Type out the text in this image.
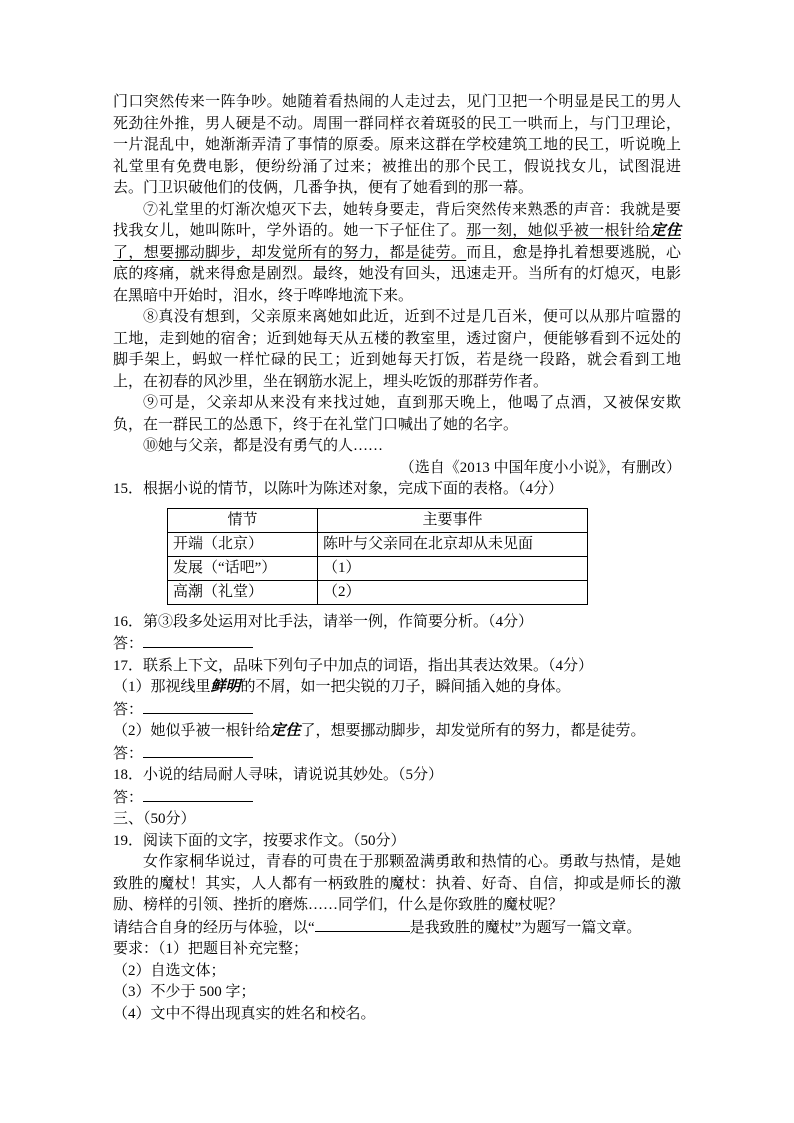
门口突然传来一阵争吵。她随着看热闹的人走过去，见门卫把一个明显是民工的男人死劲往外推，男人硬是不动。周围一群同样衣着斑驳的民工一哄而上，与门卫理论，一片混乱中，她渐渐弄清了事情的原委。原来这群在学校建筑工地的民工，听说晚上礼堂里有免费电影，便纷纷涌了过来；被推出的那个民工，假说找女儿，试图混进去。门卫识破他们的伎俩，几番争执，便有了她看到的那一幕。

⑦礼堂里的灯渐次熄灭下去，她转身要走，背后突然传来熟悉的声音：我就是要找我女儿，她叫陈叶，学外语的。她一下子怔住了。那一刻，她似乎被一根针给定住了，想要挪动脚步，却发觉所有的努力，都是徒劳。而且，愈是挣扎着想要逃脱，心底的疼痛，就来得愈是剧烈。最终，她没有回头，迅速走开。当所有的灯熄灭，电影在黑暗中开始时，泪水，终于哗哗地流下来。

⑧真没有想到，父亲原来离她如此近，近到不过是几百米，便可以从那片喧嚣的工地，走到她的宿舍；近到她每天从五楼的教室里，透过窗户，便能够看到不远处的脚手架上，蚂蚁一样忙碌的民工；近到她每天打饭，若是绕一段路，就会看到工地上，在初春的风沙里，坐在钢筋水泥上，埋头吃饭的那群劳作者。

⑨可是，父亲却从来没有来找过她，直到那天晚上，他喝了点酒，又被保安欺负，在一群民工的怂恿下，终于在礼堂门口喊出了她的名字。

⑩她与父亲，都是没有勇气的人……

（选自《2013 中国年度小小说》，有删改）

15．根据小说的情节，以陈叶为陈述对象，完成下面的表格。（4分）

情节	主要事件
开端（北京）	陈叶与父亲同在北京却从未见面
发展（“话吧”）	（1）
高潮（礼堂）	（2）

16．第③段多处运用对比手法，请举一例，作简要分析。（4分）

答：

17．联系上下文，品味下列句子中加点的词语，指出其表达效果。（4分）

（1）那视线里鲜明的不屑，如一把尖锐的刀子，瞬间插入她的身体。

答：

（2）她似乎被一根针给定住了，想要挪动脚步，却发觉所有的努力，都是徒劳。

答：

18．小说的结局耐人寻味，请说说其妙处。（5分）

答：

三、（50分）

19．阅读下面的文字，按要求作文。（50分）

女作家桐华说过，青春的可贵在于那颗盈满勇敢和热情的心。勇敢与热情，是她致胜的魔杖！其实，人人都有一柄致胜的魔杖：执着、好奇、自信，抑或是师长的激励、榜样的引领、挫折的磨炼……同学们，什么是你致胜的魔杖呢？

请结合自身的经历与体验，以“	是我致胜的魔杖”为题写一篇文章。

要求：（1）把题目补充完整；

（2）自选文体；

（3）不少于 500 字；

（4）文中不得出现真实的姓名和校名。
